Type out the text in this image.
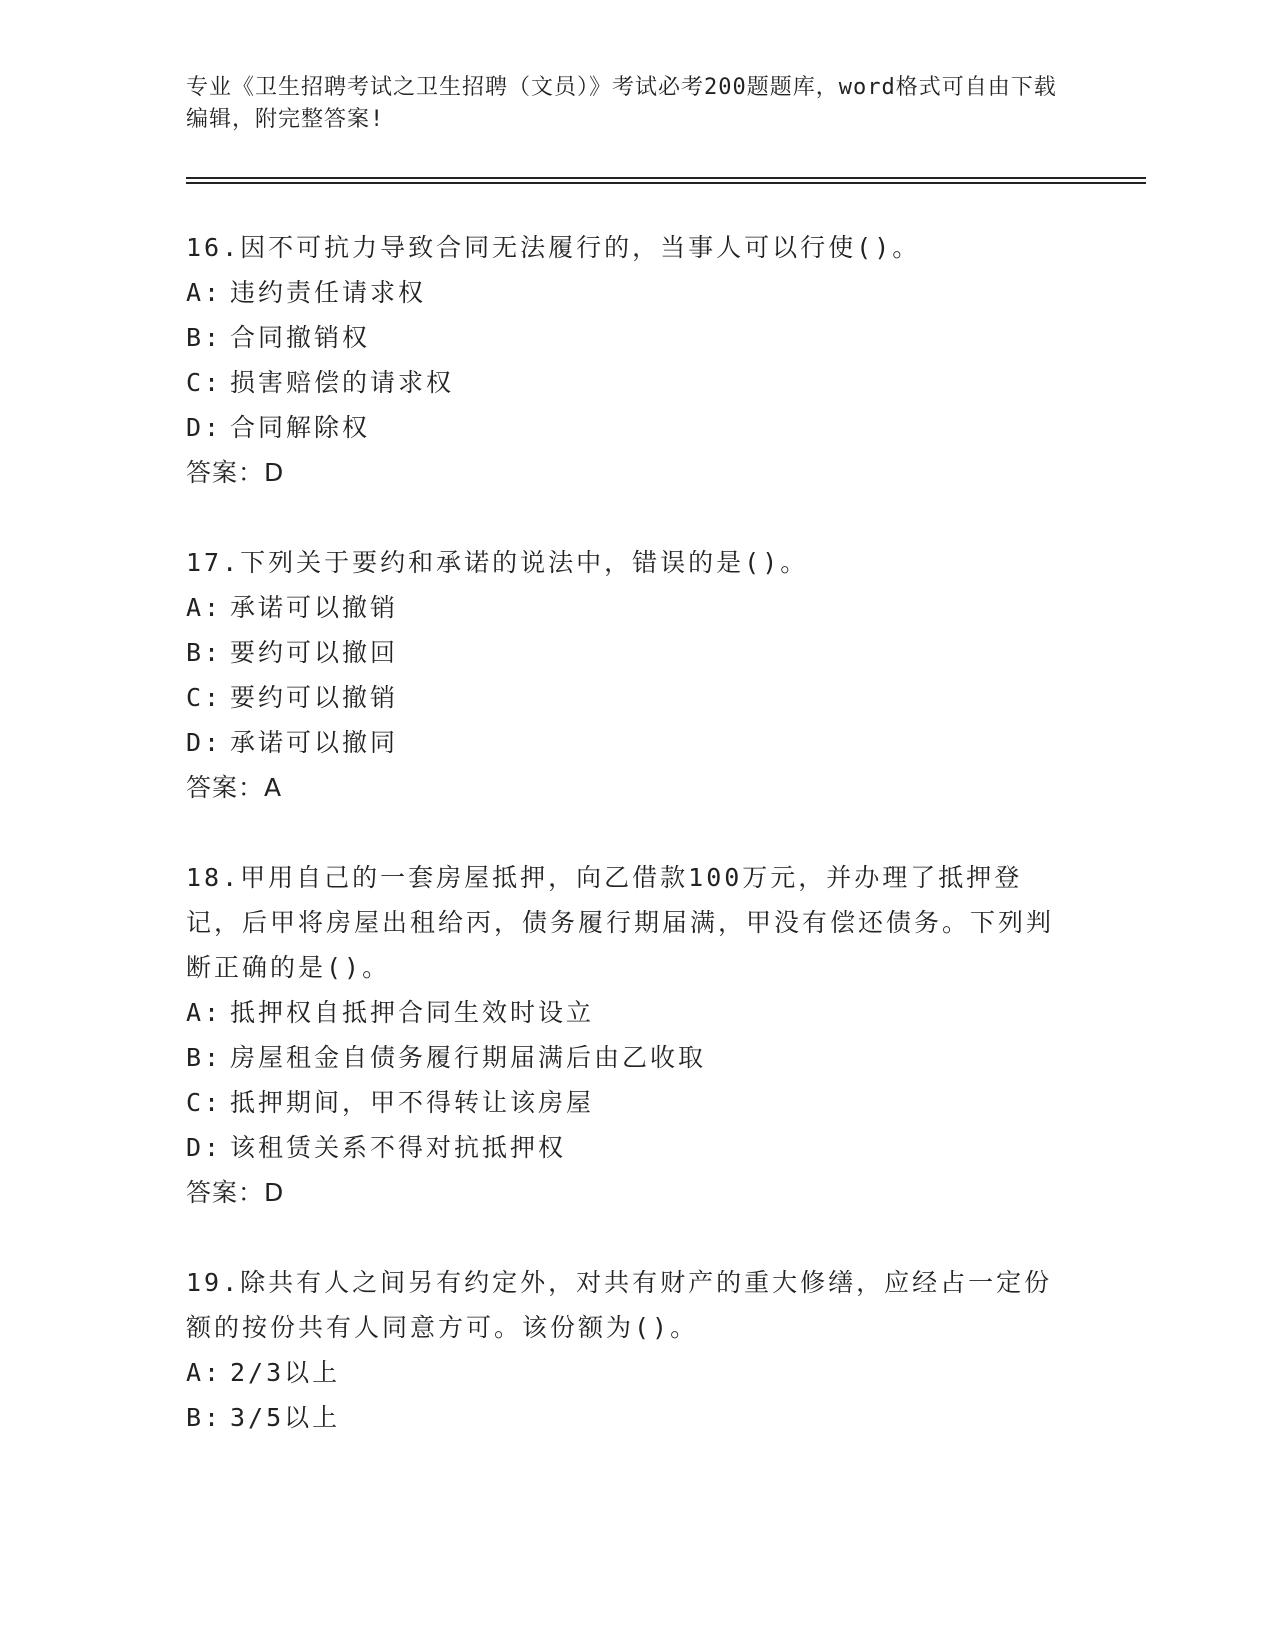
专业《卫生招聘考试之卫生招聘（文员）》考试必考200题题库，word格式可自由下载编辑，附完整答案!
16.因不可抗力导致合同无法履行的，当事人可以行使()。
A: 违约责任请求权
B: 合同撤销权
C: 损害赔偿的请求权
D: 合同解除权
答案：D
17.下列关于要约和承诺的说法中，错误的是()。
A: 承诺可以撤销
B: 要约可以撤回
C: 要约可以撤销
D: 承诺可以撤同
答案：A
18.甲用自己的一套房屋抵押，向乙借款100万元，并办理了抵押登记，后甲将房屋出租给丙，债务履行期届满，甲没有偿还债务。下列判断正确的是()。
A: 抵押权自抵押合同生效时设立
B: 房屋租金自债务履行期届满后由乙收取
C: 抵押期间，甲不得转让该房屋
D: 该租赁关系不得对抗抵押权
答案：D
19.除共有人之间另有约定外，对共有财产的重大修缮，应经占一定份额的按份共有人同意方可。该份额为()。
A: 2/3以上
B: 3/5以上
